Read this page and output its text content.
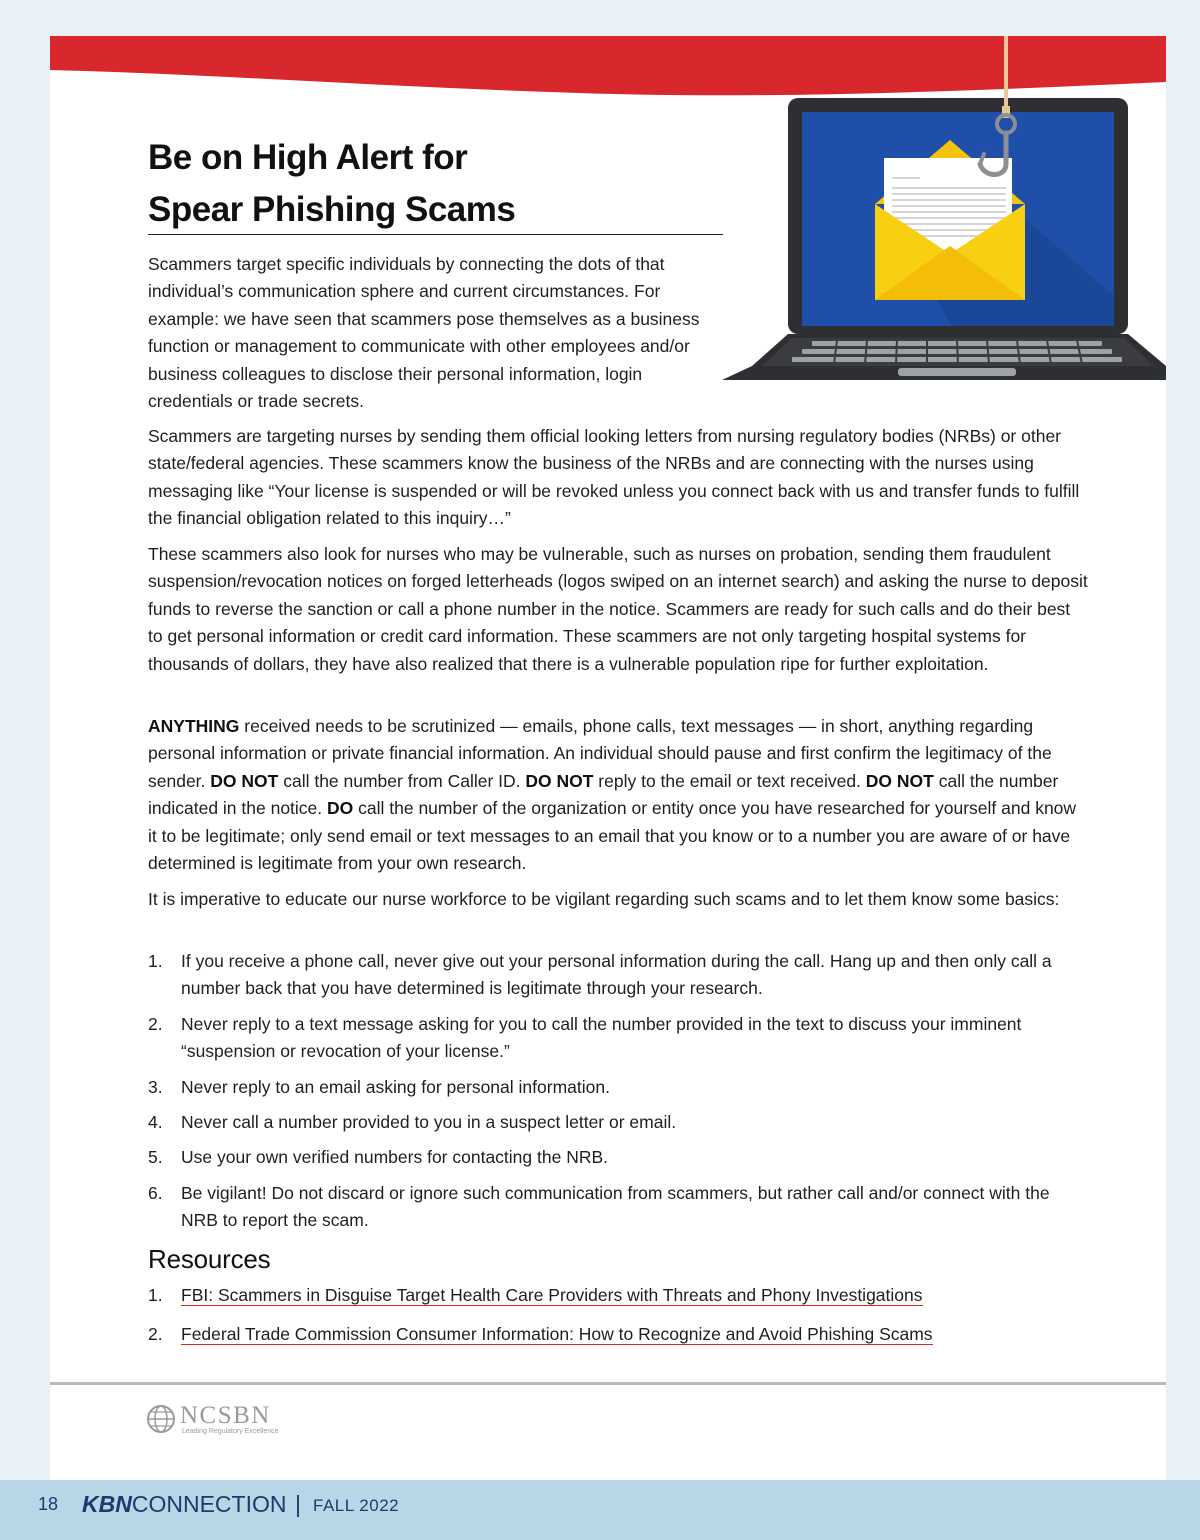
Be on High Alert for
Spear Phishing Scams

Scammers target specific individuals by connecting the dots of that individual’s communication sphere and current circumstances. For example: we have seen that scammers pose themselves as a business function or management to communicate with other employees and/or business colleagues to disclose their personal information, login credentials or trade secrets.

Scammers are targeting nurses by sending them official looking letters from nursing regulatory bodies (NRBs) or other state/federal agencies. These scammers know the business of the NRBs and are connecting with the nurses using messaging like “Your license is suspended or will be revoked unless you connect back with us and transfer funds to fulfill the financial obligation related to this inquiry…”

These scammers also look for nurses who may be vulnerable, such as nurses on probation, sending them fraudulent suspension/revocation notices on forged letterheads (logos swiped on an internet search) and asking the nurse to deposit funds to reverse the sanction or call a phone number in the notice. Scammers are ready for such calls and do their best to get personal information or credit card information. These scammers are not only targeting hospital systems for thousands of dollars, they have also realized that there is a vulnerable population ripe for further exploitation.

ANYTHING received needs to be scrutinized — emails, phone calls, text messages — in short, anything regarding personal information or private financial information. An individual should pause and first confirm the legitimacy of the sender. DO NOT call the number from Caller ID. DO NOT reply to the email or text received. DO NOT call the number indicated in the notice. DO call the number of the organization or entity once you have researched for yourself and know it to be legitimate; only send email or text messages to an email that you know or to a number you are aware of or have determined is legitimate from your own research.

It is imperative to educate our nurse workforce to be vigilant regarding such scams and to let them know some basics:

1. If you receive a phone call, never give out your personal information during the call. Hang up and then only call a number back that you have determined is legitimate through your research.
2. Never reply to a text message asking for you to call the number provided in the text to discuss your imminent “suspension or revocation of your license.”
3. Never reply to an email asking for personal information.
4. Never call a number provided to you in a suspect letter or email.
5. Use your own verified numbers for contacting the NRB.
6. Be vigilant! Do not discard or ignore such communication from scammers, but rather call and/or connect with the NRB to report the scam.
Resources
1. FBI: Scammers in Disguise Target Health Care Providers with Threats and Phony Investigations
2. Federal Trade Commission Consumer Information: How to Recognize and Avoid Phishing Scams
NCSBN
Leading Regulatory Excellence
18 KBNCONNECTION | FALL 2022
